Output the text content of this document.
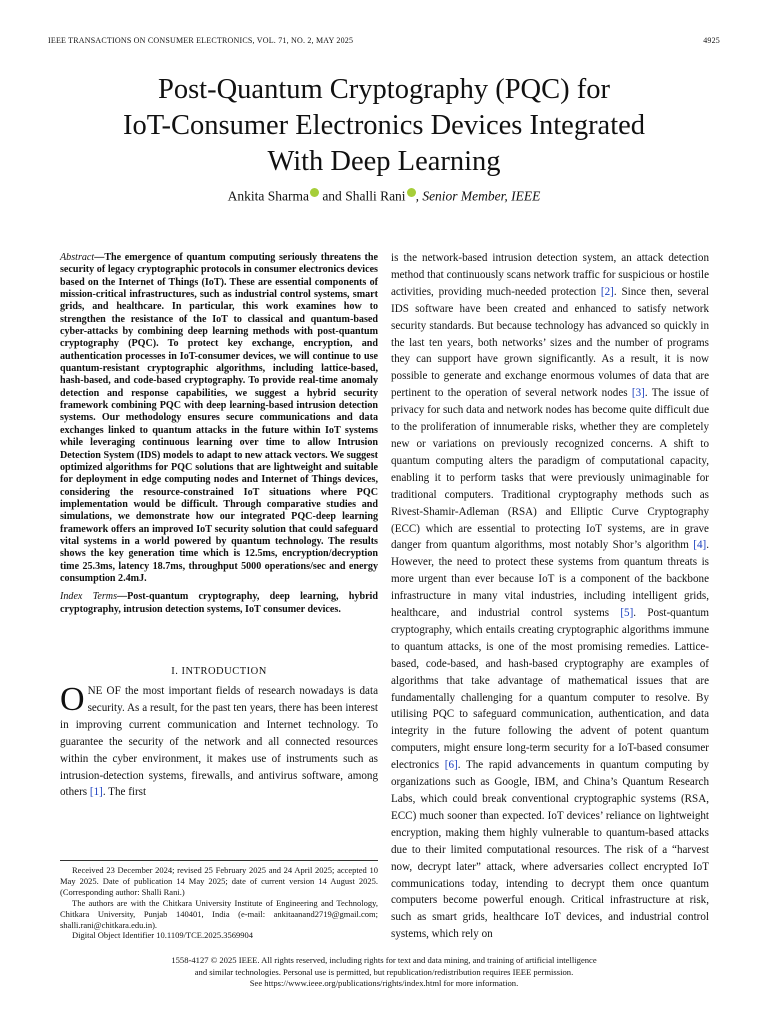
IEEE TRANSACTIONS ON CONSUMER ELECTRONICS, VOL. 71, NO. 2, MAY 2025	4925
Post-Quantum Cryptography (PQC) for
IoT-Consumer Electronics Devices Integrated
With Deep Learning
Ankita Sharma and Shalli Rani , Senior Member, IEEE

Abstract—The emergence of quantum computing seriously threatens the security of legacy cryptographic protocols in consumer electronics devices based on the Internet of Things (IoT). These are essential components of mission-critical infrastructures, such as industrial control systems, smart grids, and healthcare. In particular, this work examines how to strengthen the resistance of the IoT to classical and quantum-based cyber-attacks by combining deep learning methods with post-quantum cryptography (PQC). To protect key exchange, encryption, and authentication processes in IoT-consumer devices, we will continue to use quantum-resistant cryptographic algorithms, including lattice-based, hash-based, and code-based cryptography. To provide real-time anomaly detection and response capabilities, we suggest a hybrid security framework combining PQC with deep learning-based intrusion detection systems. Our methodology ensures secure communications and data exchanges linked to quantum attacks in the future within IoT systems while leveraging continuous learning over time to allow Intrusion Detection System (IDS) models to adapt to new attack vectors. We suggest optimized algorithms for PQC solutions that are lightweight and suitable for deployment in edge computing nodes and Internet of Things devices, considering the resource-constrained IoT situations where PQC implementation would be difficult. Through comparative studies and simulations, we demonstrate how our integrated PQC-deep learning framework offers an improved IoT security solution that could safeguard vital systems in a world powered by quantum technology. The results shows the key generation time which is 12.5ms, encryption/decryption time 25.3ms, latency 18.7ms, throughput 5000 operations/sec and energy consumption 2.4mJ.

Index Terms—Post-quantum cryptography, deep learning, hybrid cryptography, intrusion detection systems, IoT consumer devices.

I. INTRODUCTION

ONE OF the most important fields of research nowadays is data security. As a result, for the past ten years, there has been interest in improving current communication and Internet technology. To guarantee the security of the network and all connected resources within the cyber environment, it makes use of instruments such as intrusion-detection systems, firewalls, and antivirus software, among others [1]. The first

Received 23 December 2024; revised 25 February 2025 and 24 April 2025; accepted 10 May 2025. Date of publication 14 May 2025; date of current version 14 August 2025. (Corresponding author: Shalli Rani.)

The authors are with the Chitkara University Institute of Engineering and Technology, Chitkara University, Punjab 140401, India (e-mail: ankitaanand2719@gmail.com; shalli.rani@chitkara.edu.in).

Digital Object Identifier 10.1109/TCE.2025.3569904

is the network-based intrusion detection system, an attack detection method that continuously scans network traffic for suspicious or hostile activities, providing much-needed protection [2]. Since then, several IDS software have been created and enhanced to satisfy network security standards. But because technology has advanced so quickly in the last ten years, both networks’ sizes and the number of programs they can support have grown significantly. As a result, it is now possible to generate and exchange enormous volumes of data that are pertinent to the operation of several network nodes [3]. The issue of privacy for such data and network nodes has become quite difficult due to the proliferation of innumerable risks, whether they are completely new or variations on previously recognized concerns. A shift to quantum computing alters the paradigm of computational capacity, enabling it to perform tasks that were previously unimaginable for traditional computers. Traditional cryptography methods such as Rivest-Shamir-Adleman (RSA) and Elliptic Curve Cryptography (ECC) which are essential to protecting IoT systems, are in grave danger from quantum algorithms, most notably Shor’s algorithm [4]. However, the need to protect these systems from quantum threats is more urgent than ever because IoT is a component of the backbone infrastructure in many vital industries, including intelligent grids, healthcare, and industrial control systems [5]. Post-quantum cryptography, which entails creating cryptographic algorithms immune to quantum attacks, is one of the most promising remedies. Lattice-based, code-based, and hash-based cryptography are examples of algorithms that take advantage of mathematical issues that are fundamentally challenging for a quantum computer to resolve. By utilising PQC to safeguard communication, authentication, and data integrity in the future following the advent of potent quantum computers, might ensure long-term security for a IoT-based consumer electronics [6]. The rapid advancements in quantum computing by organizations such as Google, IBM, and China’s Quantum Research Labs, which could break conventional cryptographic systems (RSA, ECC) much sooner than expected. IoT devices’ reliance on lightweight encryption, making them highly vulnerable to quantum-based attacks due to their limited computational resources. The risk of a “harvest now, decrypt later” attack, where adversaries collect encrypted IoT communications today, intending to decrypt them once quantum computers become powerful enough. Critical infrastructure at risk, such as smart grids, healthcare IoT devices, and industrial control systems, which rely on

1558-4127 © 2025 IEEE. All rights reserved, including rights for text and data mining, and training of artificial intelligence
and similar technologies. Personal use is permitted, but republication/redistribution requires IEEE permission.
See https://www.ieee.org/publications/rights/index.html for more information.
